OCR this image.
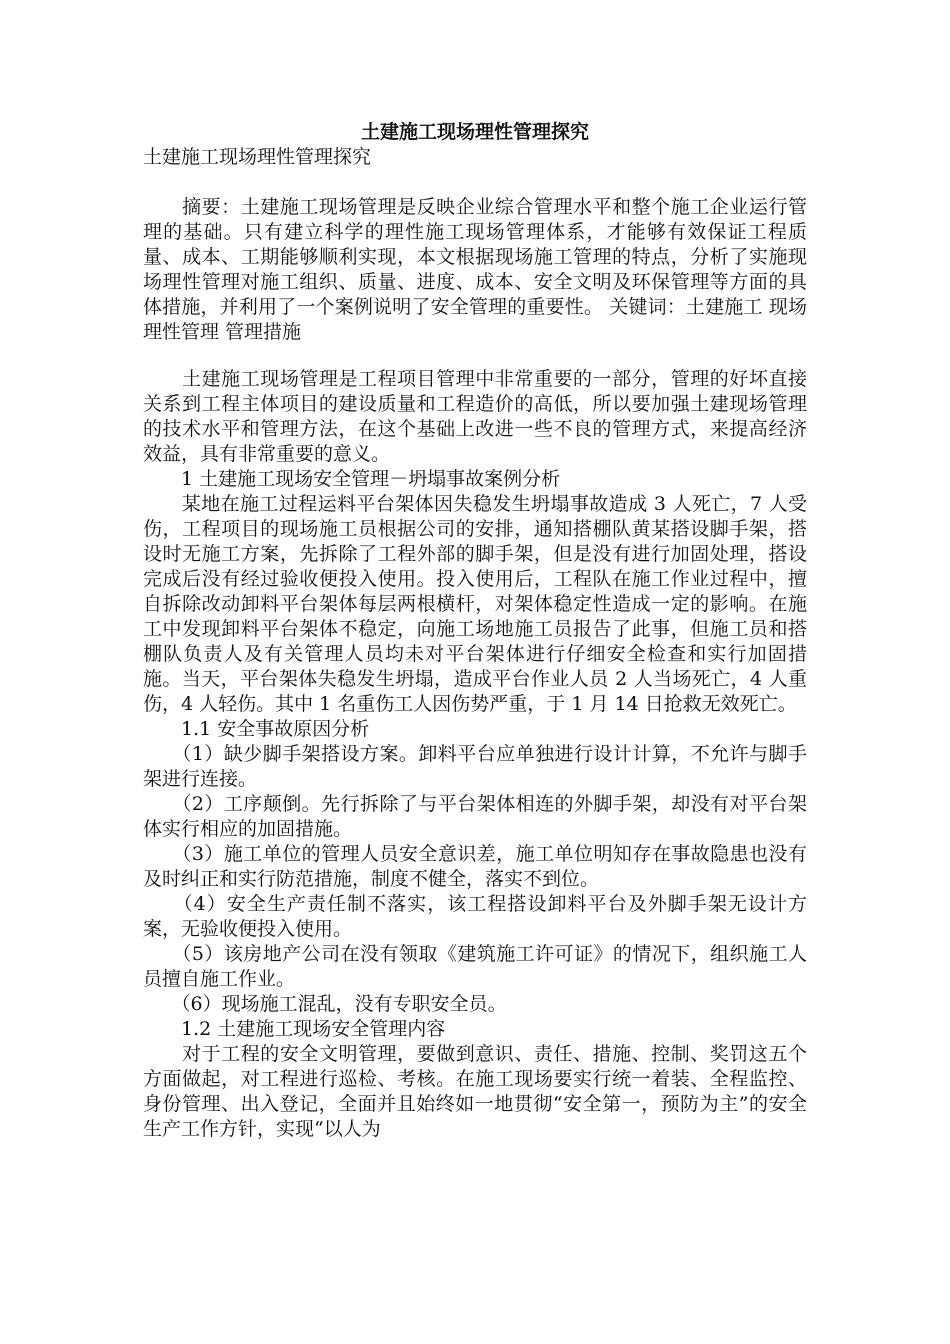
土建施工现场理性管理探究

土建施工现场理性管理探究

　　摘要：土建施工现场管理是反映企业综合管理水平和整个施工企业运行管理的基础。只有建立科学的理性施工现场管理体系，才能够有效保证工程质量、成本、工期能够顺利实现，本文根据现场施工管理的特点，分析了实施现场理性管理对施工组织、质量、进度、成本、安全文明及环保管理等方面的具体措施，并利用了一个案例说明了安全管理的重要性。 关键词：土建施工 现场 理性管理 管理措施

　　土建施工现场管理是工程项目管理中非常重要的一部分，管理的好坏直接关系到工程主体项目的建设质量和工程造价的高低，所以要加强土建现场管理的技术水平和管理方法，在这个基础上改进一些不良的管理方式，来提高经济效益，具有非常重要的意义。

　　1 土建施工现场安全管理－坍塌事故案例分析

　　某地在施工过程运料平台架体因失稳发生坍塌事故造成 3 人死亡，7 人受伤，工程项目的现场施工员根据公司的安排，通知搭棚队黄某搭设脚手架，搭设时无施工方案，先拆除了工程外部的脚手架，但是没有进行加固处理，搭设完成后没有经过验收便投入使用。投入使用后，工程队在施工作业过程中，擅自拆除改动卸料平台架体每层两根横杆，对架体稳定性造成一定的影响。在施工中发现卸料平台架体不稳定，向施工场地施工员报告了此事，但施工员和搭棚队负责人及有关管理人员均未对平台架体进行仔细安全检查和实行加固措施。当天，平台架体失稳发生坍塌，造成平台作业人员 2 人当场死亡，4 人重伤，4 人轻伤。其中 1 名重伤工人因伤势严重，于 1 月 14 日抢救无效死亡。

　　1.1 安全事故原因分析

　　（1）缺少脚手架搭设方案。卸料平台应单独进行设计计算，不允许与脚手架进行连接。

　　（2）工序颠倒。先行拆除了与平台架体相连的外脚手架，却没有对平台架体实行相应的加固措施。

　　（3）施工单位的管理人员安全意识差，施工单位明知存在事故隐患也没有及时纠正和实行防范措施，制度不健全，落实不到位。

　　（4）安全生产责任制不落实，该工程搭设卸料平台及外脚手架无设计方案，无验收便投入使用。

　　（5）该房地产公司在没有领取《建筑施工许可证》的情况下，组织施工人员擅自施工作业。

　　（6）现场施工混乱，没有专职安全员。

　　1.2 土建施工现场安全管理内容

　　对于工程的安全文明管理，要做到意识、责任、措施、控制、奖罚这五个方面做起，对工程进行巡检、考核。在施工现场要实行统一着装、全程监控、身份管理、出入登记，全面并且始终如一地贯彻“安全第一，预防为主”的安全生产工作方针，实现“以人为
